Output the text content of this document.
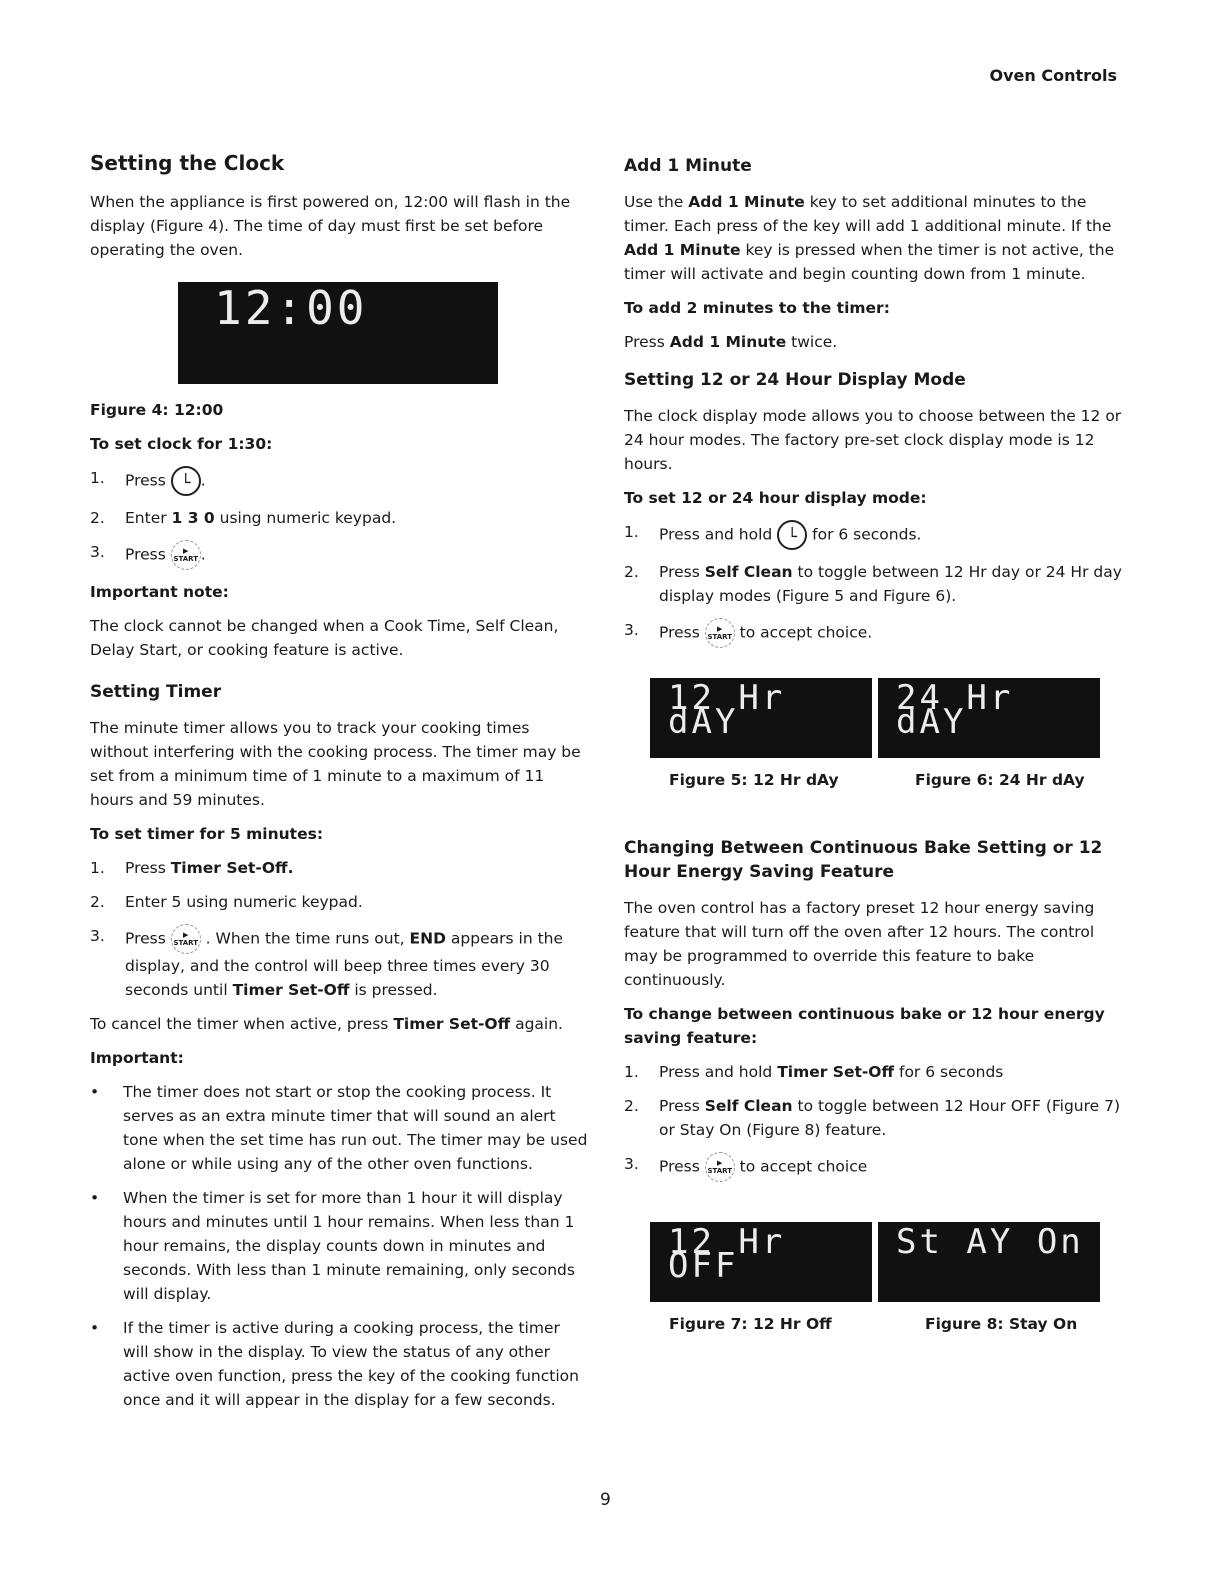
Oven Controls
Setting the Clock

When the appliance is first powered on, 12:00 will flash in the display (Figure 4). The time of day must first be set before operating the oven.

12:00

Figure 4: 12:00

To set clock for 1:30:

1. Press └ .
2. Enter 1 3 0 using numeric keypad.
3. Press ▶
START .

Important note:

The clock cannot be changed when a Cook Time, Self Clean, Delay Start, or cooking feature is active.

Setting Timer

The minute timer allows you to track your cooking times without interfering with the cooking process. The timer may be set from a minimum time of 1 minute to a maximum of 11 hours and 59 minutes.

To set timer for 5 minutes:

1. Press Timer Set-Off.
2. Enter 5 using numeric keypad.
3. Press ▶
START . When the time runs out, END appears in the display, and the control will beep three times every 30 seconds until Timer Set-Off is pressed.

To cancel the timer when active, press Timer Set-Off again.

Important:

• The timer does not start or stop the cooking process. It serves as an extra minute timer that will sound an alert tone when the set time has run out. The timer may be used alone or while using any of the other oven functions.
• When the timer is set for more than 1 hour it will display hours and minutes until 1 hour remains. When less than 1 hour remains, the display counts down in minutes and seconds. With less than 1 minute remaining, only seconds will display.
• If the timer is active during a cooking process, the timer will show in the display. To view the status of any other active oven function, press the key of the cooking function once and it will appear in the display for a few seconds.
Add 1 Minute

Use the Add 1 Minute key to set additional minutes to the timer. Each press of the key will add 1 additional minute. If the Add 1 Minute key is pressed when the timer is not active, the timer will activate and begin counting down from 1 minute.

To add 2 minutes to the timer:

Press Add 1 Minute twice.

Setting 12 or 24 Hour Display Mode

The clock display mode allows you to choose between the 12 or 24 hour modes. The factory pre-set clock display mode is 12 hours.

To set 12 or 24 hour display mode:

1. Press and hold └ for 6 seconds.
2. Press Self Clean to toggle between 12 Hr day or 24 Hr day display modes (Figure 5 and Figure 6).
3. Press ▶
START to accept choice.
12 Hr dAY
24 Hr dAY
Figure 5: 12 Hr dAy	Figure 6: 24 Hr dAy
Changing Between Continuous Bake Setting or 12 Hour Energy Saving Feature

The oven control has a factory preset 12 hour energy saving feature that will turn off the oven after 12 hours. The control may be programmed to override this feature to bake continuously.

To change between continuous bake or 12 hour energy saving feature:

1. Press and hold Timer Set-Off for 6 seconds
2. Press Self Clean to toggle between 12 Hour OFF (Figure 7) or Stay On (Figure 8) feature.
3. Press ▶
START to accept choice
12 Hr OFF
St AY On
Figure 7: 12 Hr Off	Figure 8: Stay On
9
